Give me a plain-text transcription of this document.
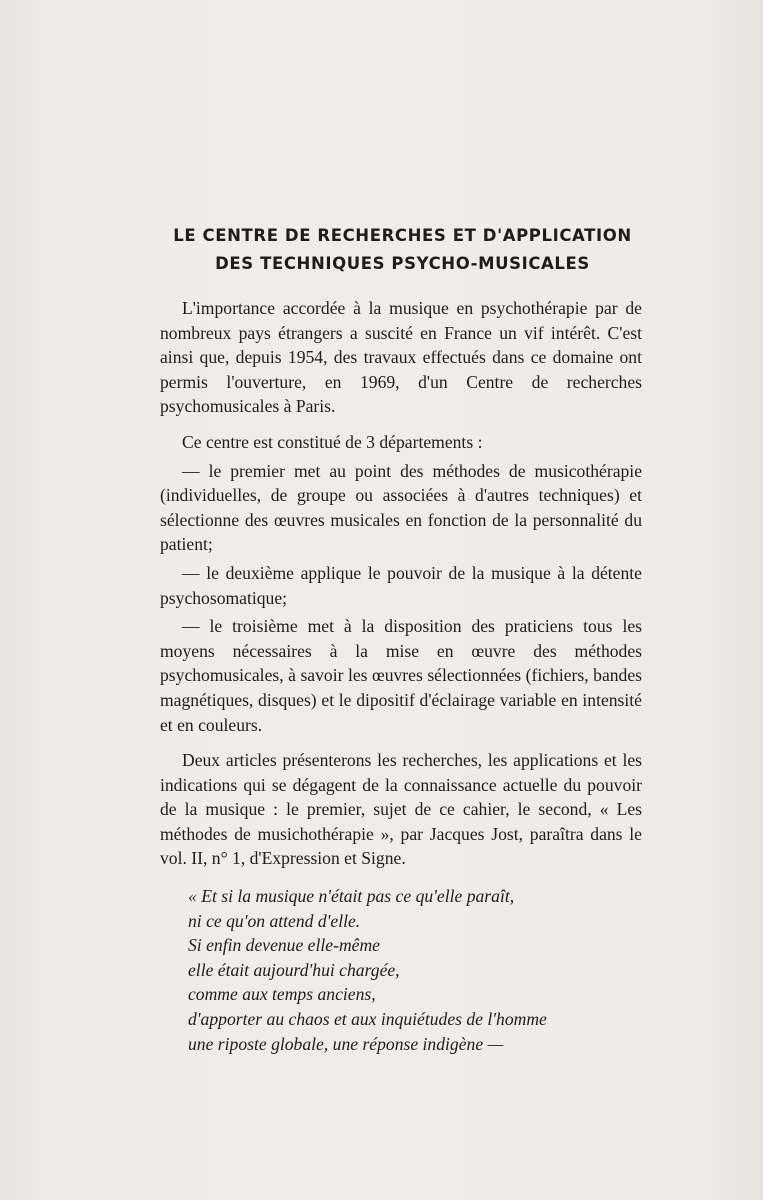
LE CENTRE DE RECHERCHES ET D'APPLICATION
DES TECHNIQUES PSYCHO-MUSICALES

L'importance accordée à la musique en psychothérapie par de nombreux pays étrangers a suscité en France un vif intérêt. C'est ainsi que, depuis 1954, des travaux effectués dans ce domaine ont permis l'ouverture, en 1969, d'un Centre de recherches psychomusicales à Paris.

Ce centre est constitué de 3 départements :

— le premier met au point des méthodes de musicothérapie (individuelles, de groupe ou associées à d'autres techniques) et sélectionne des œuvres musicales en fonction de la personnalité du patient;

— le deuxième applique le pouvoir de la musique à la détente psychosomatique;

— le troisième met à la disposition des praticiens tous les moyens nécessaires à la mise en œuvre des méthodes psychomusicales, à savoir les œuvres sélectionnées (fichiers, bandes magnétiques, disques) et le dipositif d'éclairage variable en intensité et en couleurs.

Deux articles présenterons les recherches, les applications et les indications qui se dégagent de la connaissance actuelle du pouvoir de la musique : le premier, sujet de ce cahier, le second, « Les méthodes de musichothérapie », par Jacques Jost, paraîtra dans le vol. II, n° 1, d'Expression et Signe.

« Et si la musique n'était pas ce qu'elle paraît,
ni ce qu'on attend d'elle.
Si enfin devenue elle-même
elle était aujourd'hui chargée,
comme aux temps anciens,
d'apporter au chaos et aux inquiétudes de l'homme
une riposte globale, une réponse indigène —
